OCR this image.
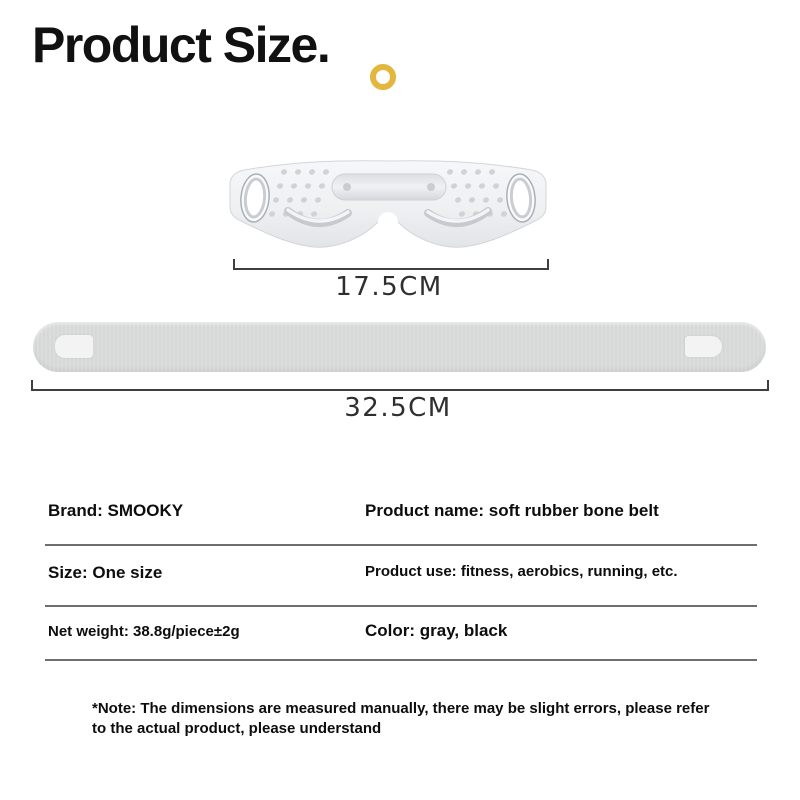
Product Size.
17.5CM
32.5CM
Brand: SMOOKY	Product name: soft rubber bone belt
Size: One size	Product use: fitness, aerobics, running, etc.
Net weight: 38.8g/piece±2g	Color: gray, black
*Note: The dimensions are measured manually, there may be slight errors, please refer to the actual product, please understand
